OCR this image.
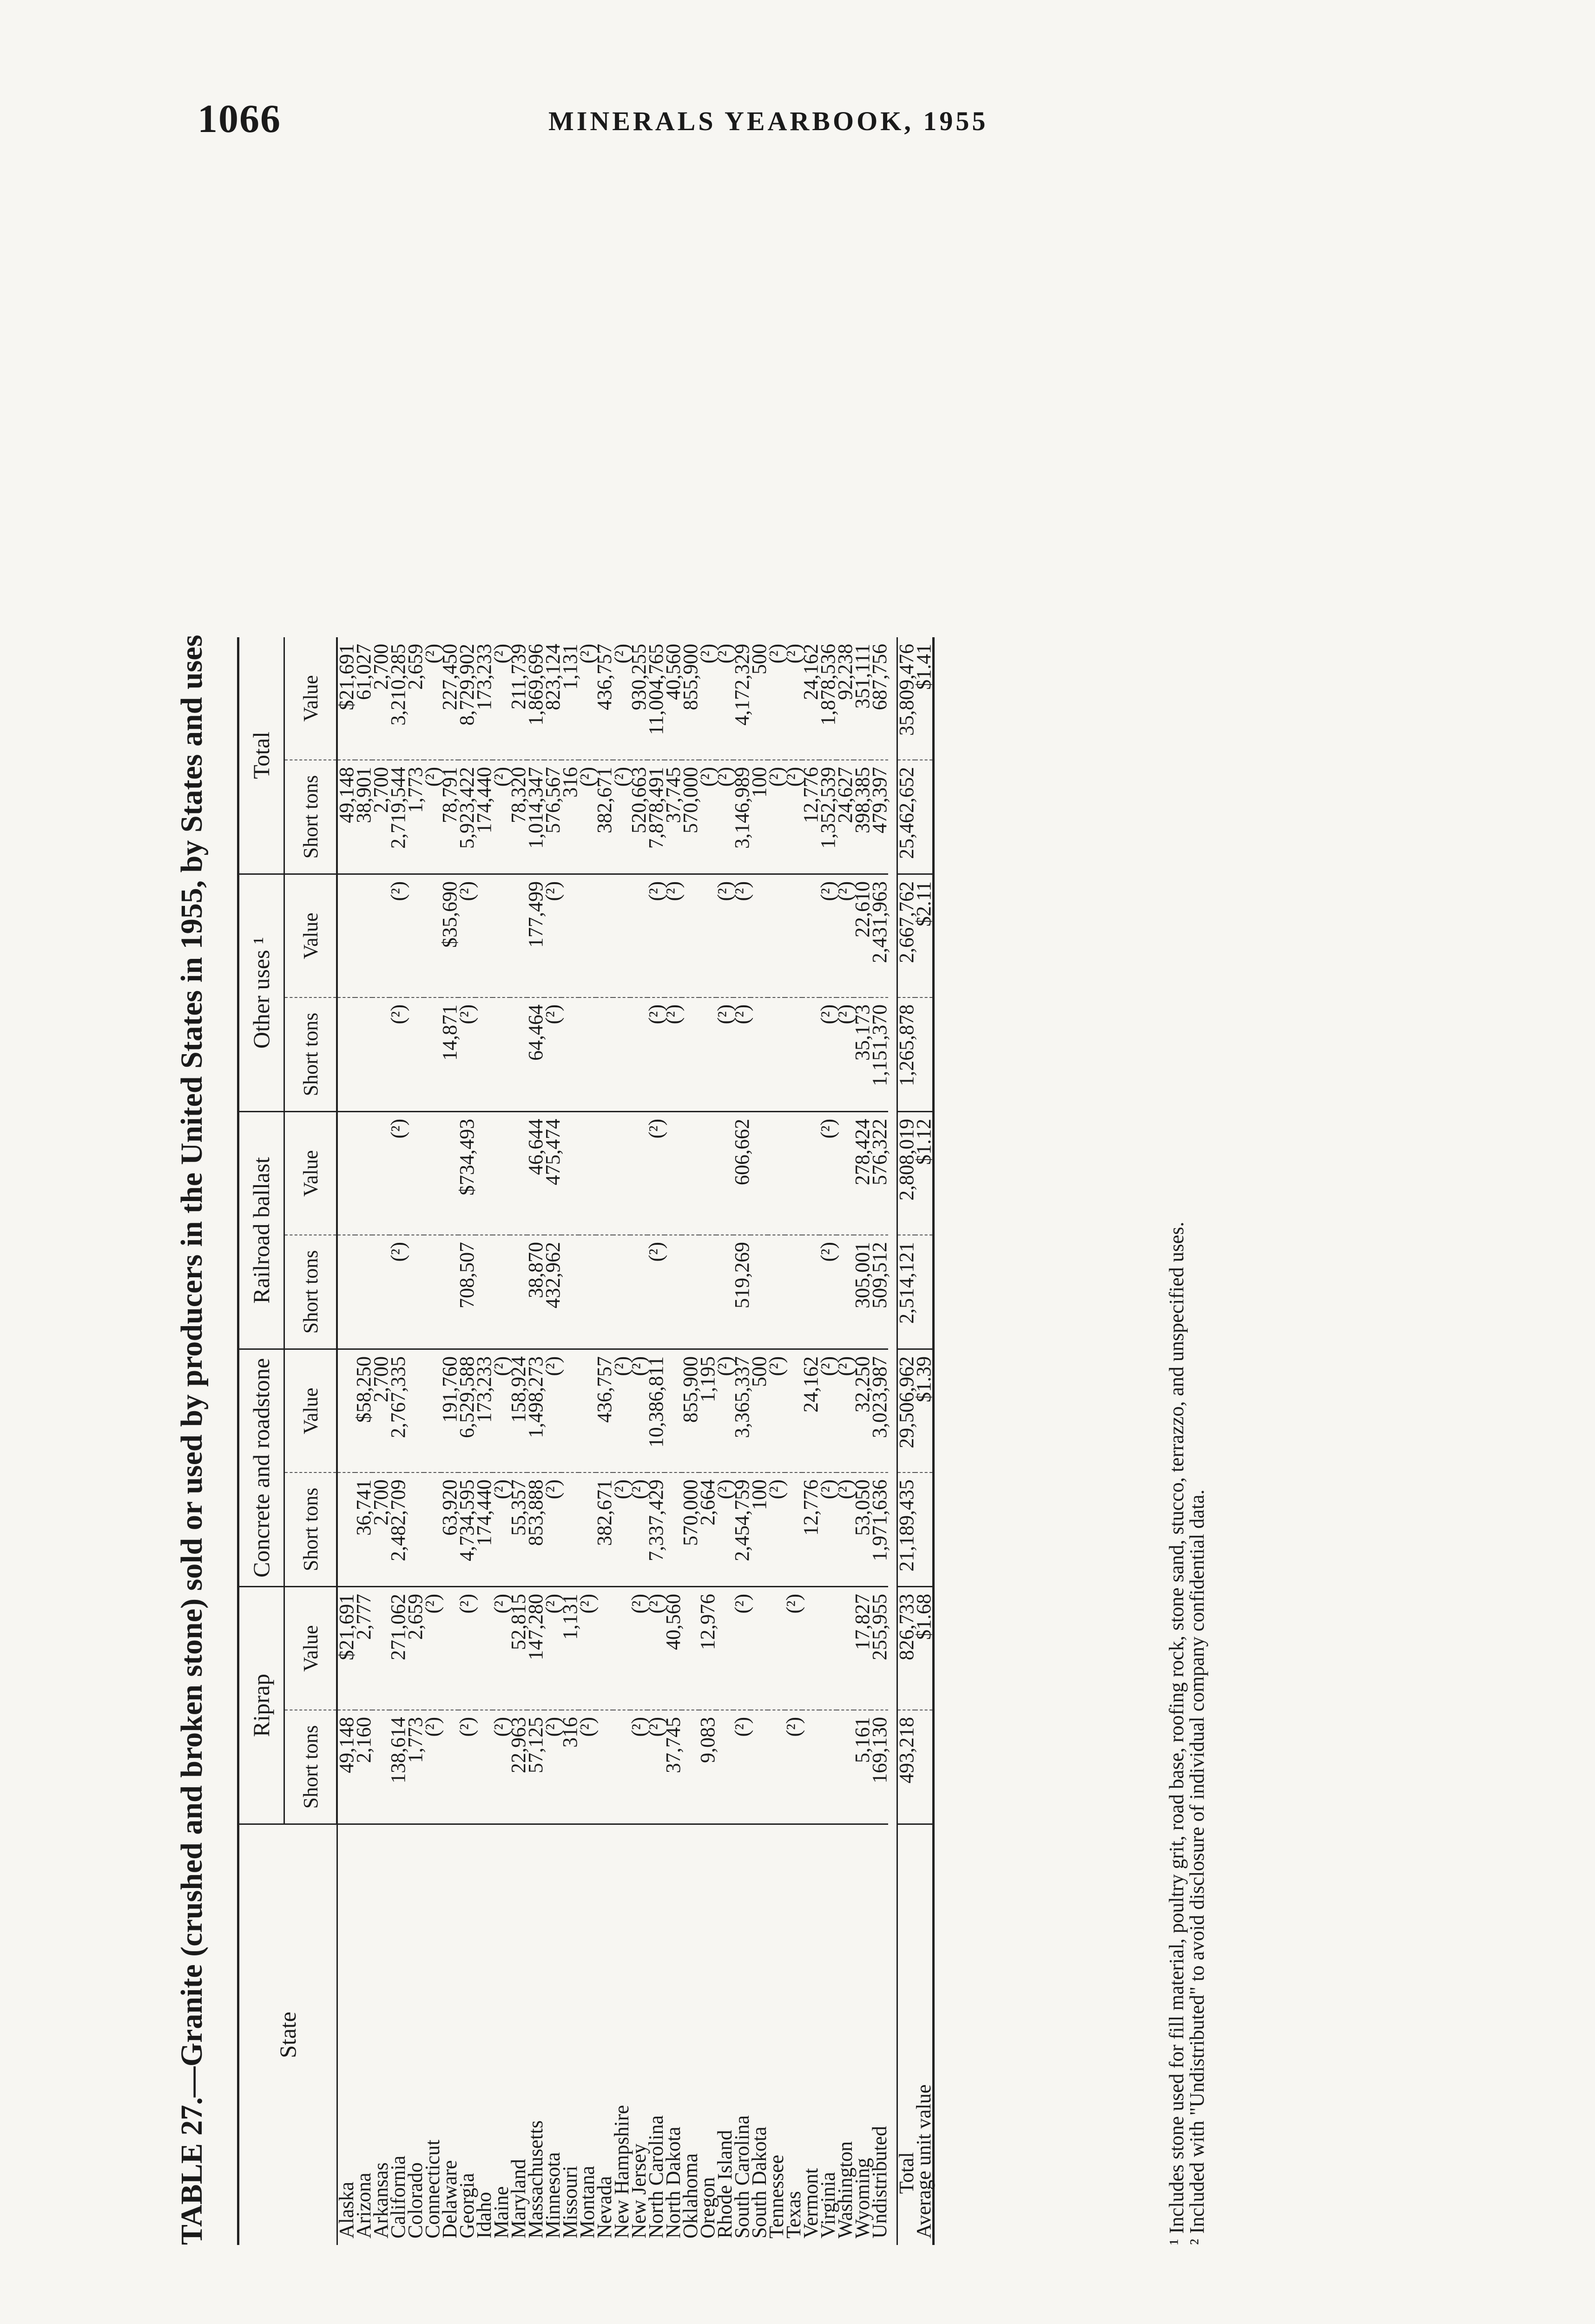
1066	MINERALS YEARBOOK, 1955
TABLE 27.—Granite (crushed and broken stone) sold or used by producers in the United States in 1955, by States and uses	State	Riprap		Concrete and roadstone		Railroad ballast		Other uses ¹		Total	
	Short tons	Value	Short tons	Value	Short tons	Value	Short tons	Value	Short tons	Value
Alaska	49,148	$21,691							49,148	$21,691
Arizona	2,160	2,777	36,741	$58,250					38,901	61,027
Arkansas			2,700	2,700					2,700	2,700
California	138,614	271,062	2,482,709	2,767,335	(²)	(²)	(²)	(²)	2,719,544	3,210,285
Colorado	1,773	2,659							1,773	2,659
Connecticut	(²)	(²)							(²)	(²)
Delaware			63,920	191,760			14,871	$35,690	78,791	227,450
Georgia	(²)	(²)	4,734,595	6,529,588	708,507	$734,493	(²)	(²)	5,923,422	8,729,902
Idaho			174,440	173,233					174,440	173,233
Maine	(²)	(²)	(²)	(²)					(²)	(²)
Maryland	22,963	52,815	55,357	158,924					78,320	211,739
Massachusetts	57,125	147,280	853,888	1,498,273	38,870	46,644	64,464	177,499	1,014,347	1,869,696
Minnesota	(²)	(²)	(²)	(²)	432,962	475,474	(²)	(²)	576,567	823,124
Missouri	316	1,131							316	1,131
Montana	(²)	(²)							(²)	(²)
Nevada			382,671	436,757					382,671	436,757
New Hampshire			(²)	(²)					(²)	(²)
New Jersey	(²)	(²)	(²)	(²)					520,663	930,255
North Carolina	(²)	(²)	7,337,429	10,386,811	(²)	(²)	(²)	(²)	7,878,491	11,004,765
North Dakota	37,745	40,560					(²)	(²)	37,745	40,560
Oklahoma			570,000	855,900					570,000	855,900
Oregon	9,083	12,976	2,664	1,195					(²)	(²)
Rhode Island			(²)	(²)			(²)	(²)	(²)	(²)
South Carolina	(²)	(²)	2,454,759	3,365,337	519,269	606,662	(²)	(²)	3,146,989	4,172,329
South Dakota			100	500					100	500
Tennessee			(²)	(²)					(²)	(²)
Texas	(²)	(²)							(²)	(²)
Vermont			12,776	24,162					12,776	24,162
Virginia			(²)	(²)	(²)	(²)	(²)	(²)	1,352,539	1,878,536
Washington			(²)	(²)			(²)	(²)	24,627	92,238
Wyoming	5,161	17,827	53,050	32,250	305,001	278,424	35,173	22,610	398,385	351,111
Undistributed	169,130	255,955	1,971,636	3,023,987	509,512	576,322	1,151,370	2,431,963	479,397	687,756

Total	493,218	826,733	21,189,435	29,506,962	2,514,121	2,808,019	1,265,878	2,667,762	25,462,652	35,809,476
Average unit value		$1.68		$1.39		$1.12		$2.11		$1.41
¹ Includes stone used for fill material, poultry grit, road base, roofing rock, stone sand, stucco, terrazzo, and unspecified uses.
² Included with "Undistributed" to avoid disclosure of individual company confidential data.
